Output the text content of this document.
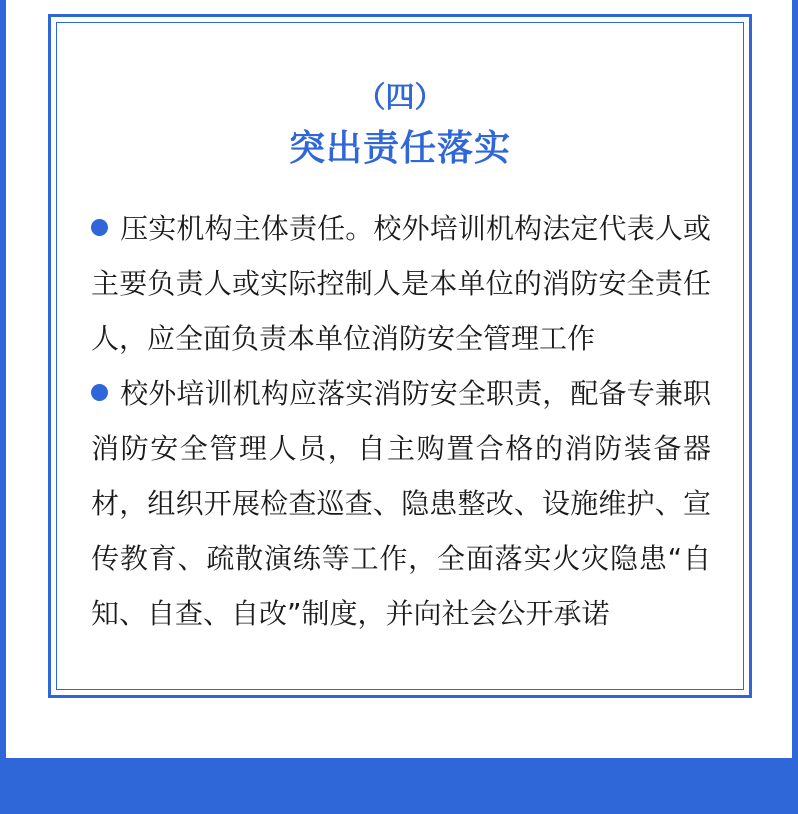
（四）
突出责任落实

压实机构主体责任。校外培训机构法定代表人或主要负责人或实际控制人是本单位的消防安全责任人，应全面负责本单位消防安全管理工作

校外培训机构应落实消防安全职责，配备专兼职消防安全管理人员，自主购置合格的消防装备器材，组织开展检查巡查、隐患整改、设施维护、宣传教育、疏散演练等工作，全面落实火灾隐患“自知、自查、自改”制度，并向社会公开承诺
